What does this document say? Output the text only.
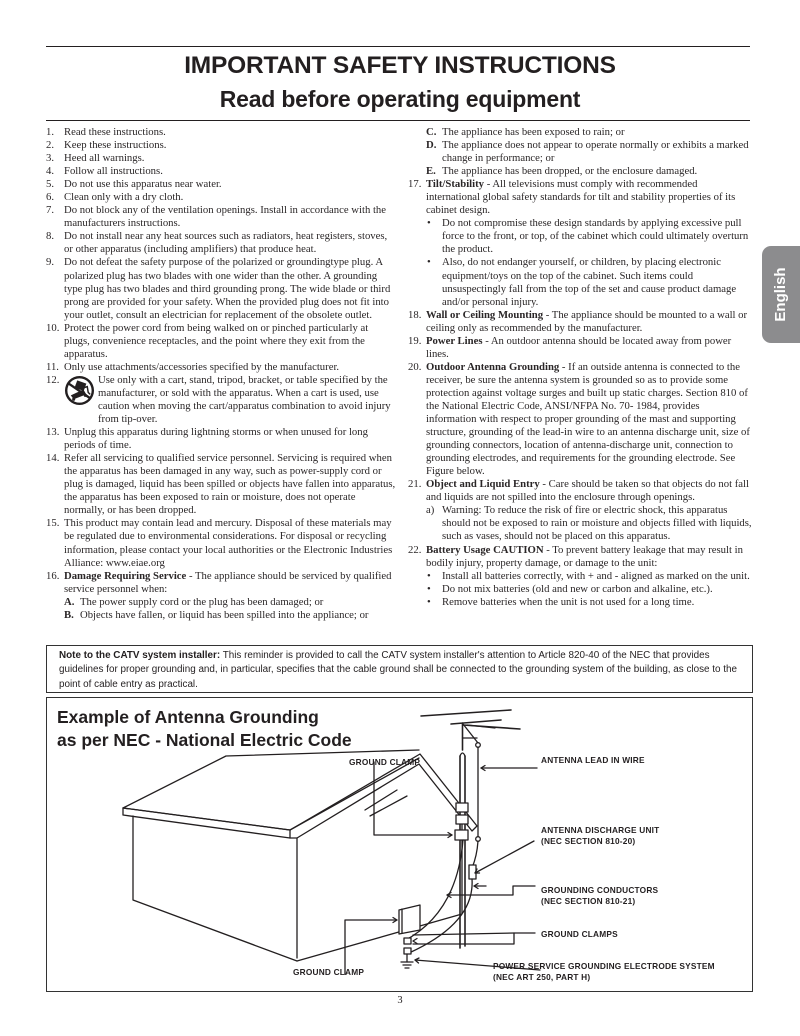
IMPORTANT SAFETY INSTRUCTIONS
Read before operating equipment
1. Read these instructions.
2. Keep these instructions.
3. Heed all warnings.
4. Follow all instructions.
5. Do not use this apparatus near water.
6. Clean only with a dry cloth.
7. Do not block any of the ventilation openings. Install in accordance with the manufacturers instructions.
8. Do not install near any heat sources such as radiators, heat registers, stoves, or other apparatus (including amplifiers) that produce heat.
9. Do not defeat the safety purpose of the polarized or groundingtype plug. A polarized plug has two blades with one wider than the other. A grounding type plug has two blades and third grounding prong. The wide blade or third prong are provided for your safety. When the provided plug does not fit into your outlet, consult an electrician for replacement of the obsolete outlet.
10. Protect the power cord from being walked on or pinched particularly at plugs, convenience receptacles, and the point where they exit from the apparatus.
11. Only use attachments/accessories specified by the manufacturer.
12.	Use only with a cart, stand, tripod, bracket, or table specified by the manufacturer, or sold with the apparatus. When a cart is used, use caution when moving the cart/apparatus combination to avoid injury from tip-over.
13. Unplug this apparatus during lightning storms or when unused for long periods of time.
14. Refer all servicing to qualified service personnel. Servicing is required when the apparatus has been damaged in any way, such as power-supply cord or plug is damaged, liquid has been spilled or objects have fallen into apparatus, the apparatus has been exposed to rain or moisture, does not operate normally, or has been dropped.
15. This product may contain lead and mercury. Disposal of these materials may be regulated due to environmental considerations. For disposal or recycling information, please contact your local authorities or the Electronic Industries Alliance: www.eiae.org
16. Damage Requiring Service - The appliance should be serviced by qualified service personnel when:
A. The power supply cord or the plug has been damaged; or
B. Objects have fallen, or liquid has been spilled into the appliance; or
C. The appliance has been exposed to rain; or
D. The appliance does not appear to operate normally or exhibits a marked change in performance; or
E. The appliance has been dropped, or the enclosure damaged.
17. Tilt/Stability - All televisions must comply with recommended international global safety standards for tilt and stability properties of its cabinet design.
• Do not compromise these design standards by applying excessive pull force to the front, or top, of the cabinet which could ultimately overturn the product.
• Also, do not endanger yourself, or children, by placing electronic equipment/toys on the top of the cabinet. Such items could unsuspectingly fall from the top of the set and cause product damage and/or personal injury.
18. Wall or Ceiling Mounting - The appliance should be mounted to a wall or ceiling only as recommended by the manufacturer.
19. Power Lines - An outdoor antenna should be located away from power lines.
20. Outdoor Antenna Grounding - If an outside antenna is connected to the receiver, be sure the antenna system is grounded so as to provide some protection against voltage surges and built up static charges. Section 810 of the National Electric Code, ANSI/NFPA No. 70- 1984, provides information with respect to proper grounding of the mast and supporting structure, grounding of the lead-in wire to an antenna discharge unit, size of grounding connectors, location of antenna-discharge unit, connection to grounding electrodes, and requirements for the grounding electrode. See Figure below.
21. Object and Liquid Entry - Care should be taken so that objects do not fall and liquids are not spilled into the enclosure through openings.
a) Warning: To reduce the risk of fire or electric shock, this apparatus should not be exposed to rain or moisture and objects filled with liquids, such as vases, should not be placed on this apparatus.
22. Battery Usage CAUTION - To prevent battery leakage that may result in bodily injury, property damage, or damage to the unit:
• Install all batteries correctly, with + and - aligned as marked on the unit.
• Do not mix batteries (old and new or carbon and alkaline, etc.).
• Remove batteries when the unit is not used for a long time.
English
Note to the CATV system installer: This reminder is provided to call the CATV system installer's attention to Article 820-40 of the NEC that provides guidelines for proper grounding and, in particular, specifies that the cable ground shall be connected to the grounding system of the building, as close to the point of cable entry as practical.
Example of Antenna Grounding
as per NEC - National Electric Code
GROUND CLAMP	ANTENNA LEAD IN WIRE
ANTENNA DISCHARGE UNIT
(NEC SECTION 810-20)
GROUNDING CONDUCTORS
(NEC SECTION 810-21)
GROUND CLAMPS
POWER SERVICE GROUNDING ELECTRODE SYSTEM
(NEC ART 250, PART H)
GROUND CLAMP
3
